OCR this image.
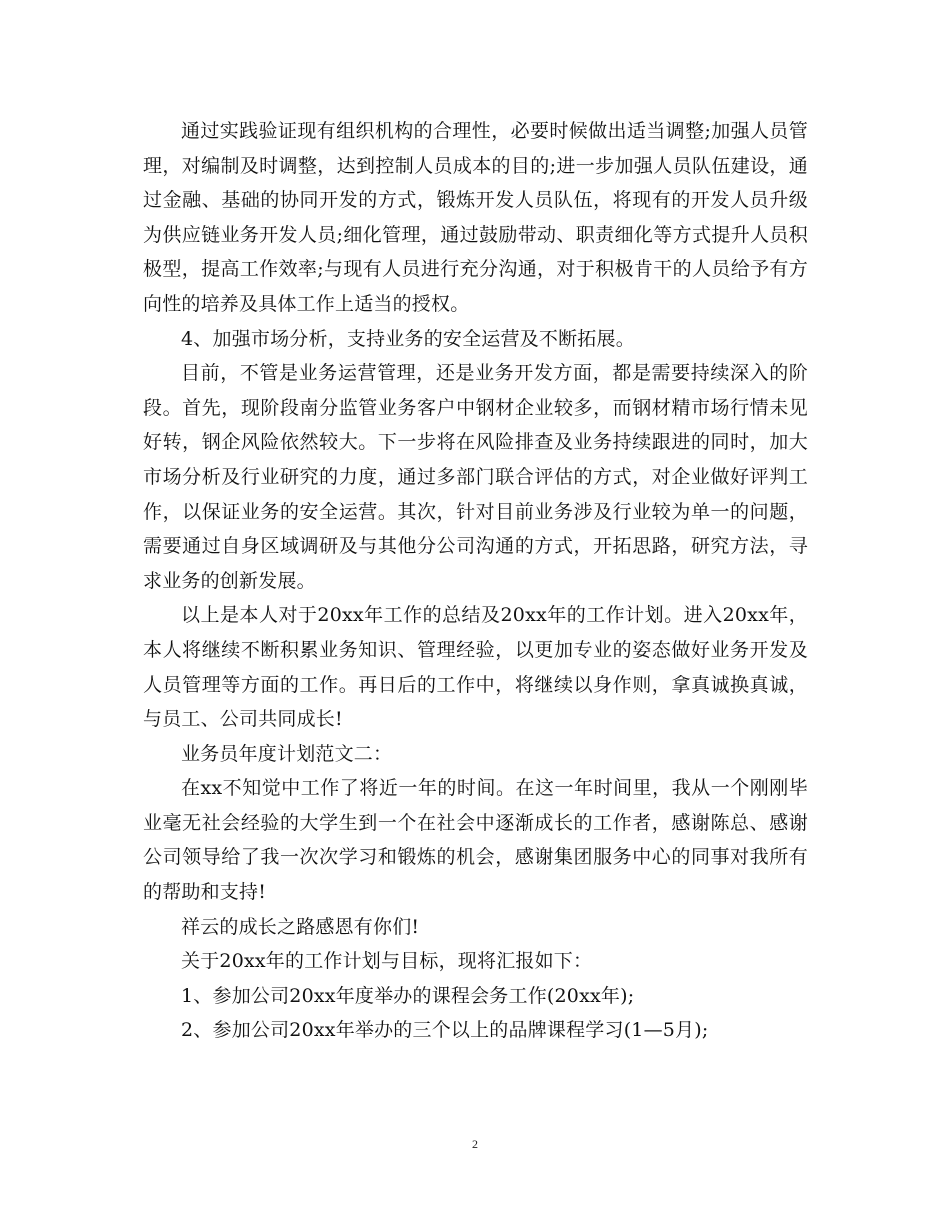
通过实践验证现有组织机构的合理性，必要时候做出适当调整;加强人员管理，对编制及时调整，达到控制人员成本的目的;进一步加强人员队伍建设，通过金融、基础的协同开发的方式，锻炼开发人员队伍，将现有的开发人员升级为供应链业务开发人员;细化管理，通过鼓励带动、职责细化等方式提升人员积极型，提高工作效率;与现有人员进行充分沟通，对于积极肯干的人员给予有方向性的培养及具体工作上适当的授权。

4、加强市场分析，支持业务的安全运营及不断拓展。

目前，不管是业务运营管理，还是业务开发方面，都是需要持续深入的阶段。首先，现阶段南分监管业务客户中钢材企业较多，而钢材精市场行情未见好转，钢企风险依然较大。下一步将在风险排查及业务持续跟进的同时，加大市场分析及行业研究的力度，通过多部门联合评估的方式，对企业做好评判工作，以保证业务的安全运营。其次，针对目前业务涉及行业较为单一的问题，需要通过自身区域调研及与其他分公司沟通的方式，开拓思路，研究方法，寻求业务的创新发展。

以上是本人对于20xx年工作的总结及20xx年的工作计划。进入20xx年，本人将继续不断积累业务知识、管理经验，以更加专业的姿态做好业务开发及人员管理等方面的工作。再日后的工作中，将继续以身作则，拿真诚换真诚，与员工、公司共同成长!

业务员年度计划范文二：

在xx不知觉中工作了将近一年的时间。在这一年时间里，我从一个刚刚毕业毫无社会经验的大学生到一个在社会中逐渐成长的工作者，感谢陈总、感谢公司领导给了我一次次学习和锻炼的机会，感谢集团服务中心的同事对我所有的帮助和支持!

祥云的成长之路感恩有你们!

关于20xx年的工作计划与目标，现将汇报如下：

1、参加公司20xx年度举办的课程会务工作(20xx年);

2、参加公司20xx年举办的三个以上的品牌课程学习(1—5月);

2
